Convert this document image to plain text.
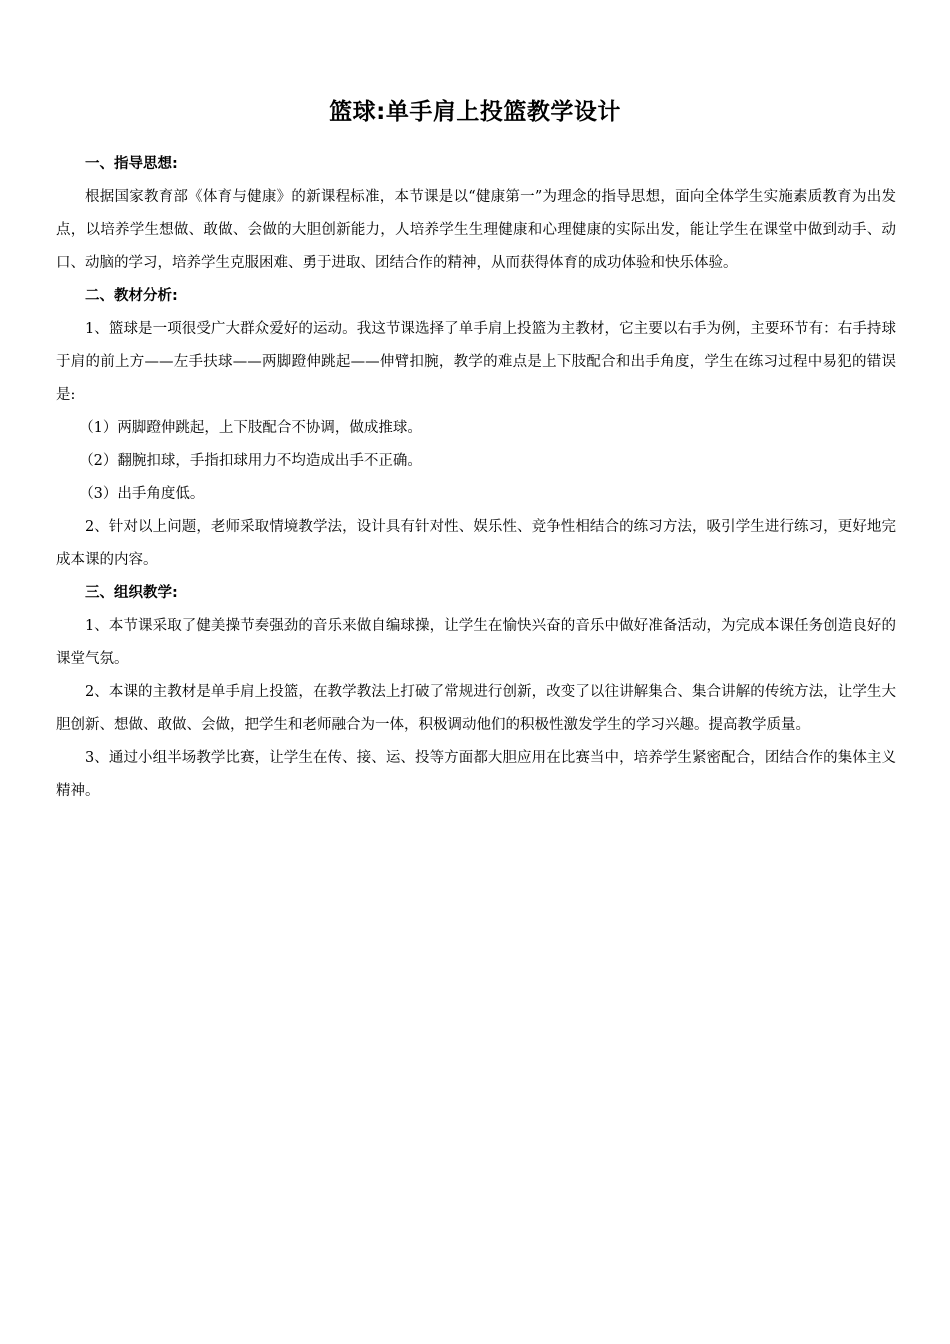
篮球:单手肩上投篮教学设计

一、指导思想:

根据国家教育部《体育与健康》的新课程标准，本节课是以“健康第一”为理念的指导思想，面向全体学生实施素质教育为出发点，以培养学生想做、敢做、会做的大胆创新能力，人培养学生生理健康和心理健康的实际出发，能让学生在课堂中做到动手、动口、动脑的学习，培养学生克服困难、勇于进取、团结合作的精神，从而获得体育的成功体验和快乐体验。

二、教材分析:

1、篮球是一项很受广大群众爱好的运动。我这节课选择了单手肩上投篮为主教材，它主要以右手为例，主要环节有：右手持球于肩的前上方——左手扶球——两脚蹬伸跳起——伸臂扣腕，教学的难点是上下肢配合和出手角度，学生在练习过程中易犯的错误是:

（1）两脚蹬伸跳起，上下肢配合不协调，做成推球。

（2）翻腕扣球，手指扣球用力不均造成出手不正确。

（3）出手角度低。

2、针对以上问题，老师采取情境教学法，设计具有针对性、娱乐性、竞争性相结合的练习方法，吸引学生进行练习，更好地完成本课的内容。

三、组织教学:

1、本节课采取了健美操节奏强劲的音乐来做自编球操，让学生在愉快兴奋的音乐中做好准备活动，为完成本课任务创造良好的课堂气氛。

2、本课的主教材是单手肩上投篮，在教学教法上打破了常规进行创新，改变了以往讲解集合、集合讲解的传统方法，让学生大胆创新、想做、敢做、会做，把学生和老师融合为一体，积极调动他们的积极性激发学生的学习兴趣。提高教学质量。

3、通过小组半场教学比赛，让学生在传、接、运、投等方面都大胆应用在比赛当中，培养学生紧密配合，团结合作的集体主义精神。
